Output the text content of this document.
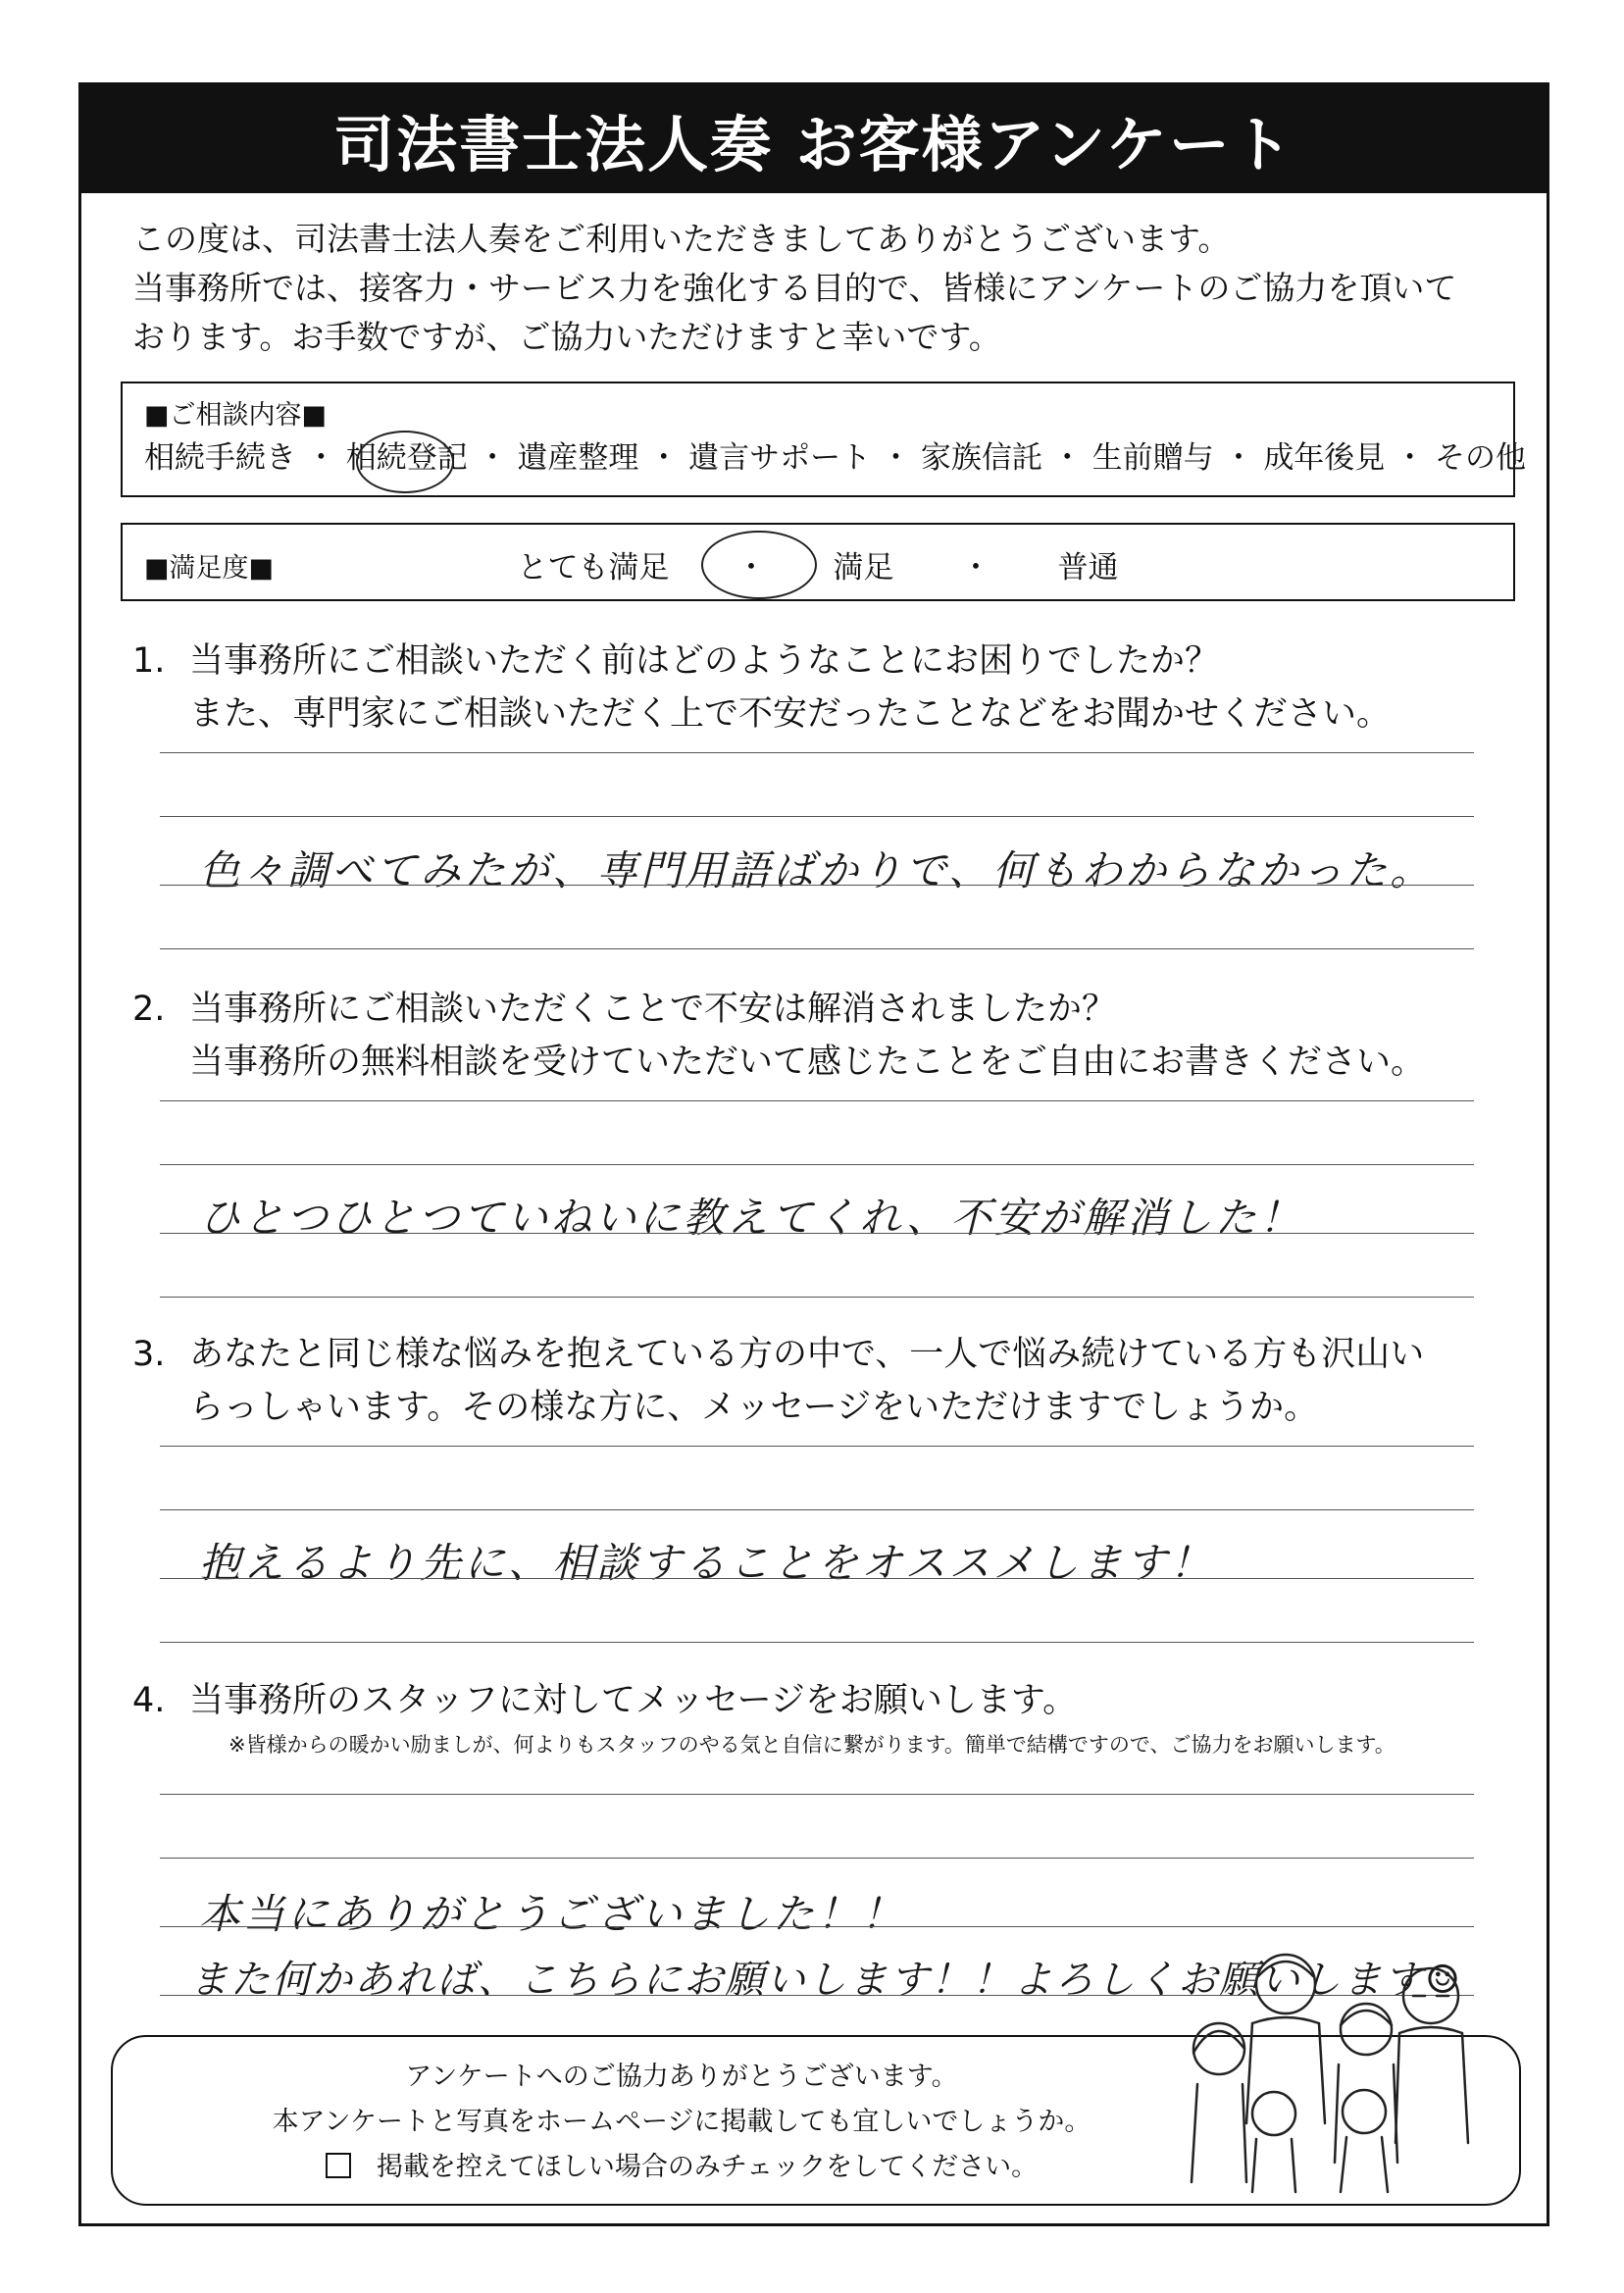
司法書士法人奏 お客様アンケート
この度は、司法書士法人奏をご利用いただきましてありがとうございます。
当事務所では、接客力・サービス力を強化する目的で、皆様にアンケートのご協力を頂いて
おります。お手数ですが、ご協力いただけますと幸いです。
■ご相談内容■
相続手続き ・ 相続登記 ・ 遺産整理 ・ 遺言サポート ・ 家族信託 ・ 生前贈与 ・ 成年後見 ・ その他
■満足度■	とても満足 ・ 満足 ・ 普通
1. 当事務所にご相談いただく前はどのようなことにお困りでしたか？
また、専門家にご相談いただく上で不安だったことなどをお聞かせください。
色々調べてみたが、専門用語ばかりで、何もわからなかった。
2. 当事務所にご相談いただくことで不安は解消されましたか？
当事務所の無料相談を受けていただいて感じたことをご自由にお書きください。
ひとつひとつていねいに教えてくれ、不安が解消した！
3. あなたと同じ様な悩みを抱えている方の中で、一人で悩み続けている方も沢山い
らっしゃいます。その様な方に、メッセージをいただけますでしょうか。
抱えるより先に、相談することをオススメします！
4. 当事務所のスタッフに対してメッセージをお願いします。
※皆様からの暖かい励ましが、何よりもスタッフのやる気と自信に繋がります。簡単で結構ですので、ご協力をお願いします。
本当にありがとうございました！！
また何かあれば、こちらにお願いします！！よろしくお願いします☺
アンケートへのご協力ありがとうございます。
本アンケートと写真をホームページに掲載しても宜しいでしょうか。
掲載を控えてほしい場合のみチェックをしてください。
